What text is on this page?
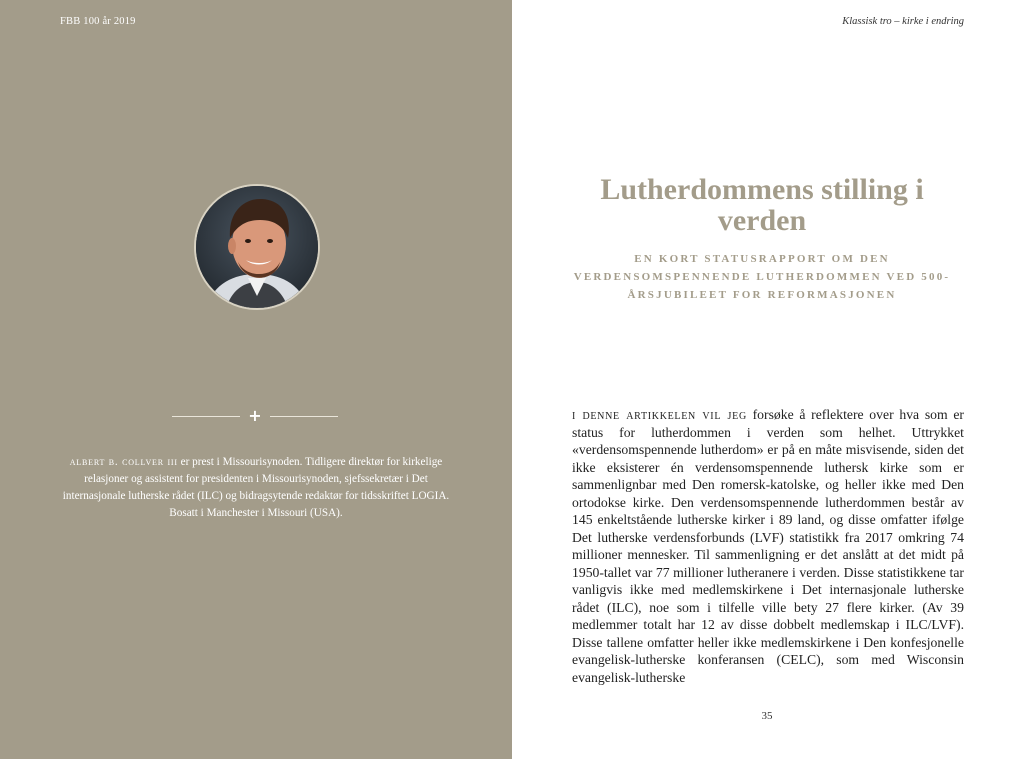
FBB 100 år 2019
+

albert b. collver iii er prest i Missourisynoden. Tidligere direktør for kirkelige relasjoner og assistent for presidenten i Missourisynoden, sjefssekretær i Det internasjonale lutherske rådet (ILC) og bidragsytende redaktør for tidsskriftet LOGIA. Bosatt i Manchester i Missouri (USA).

Klassisk tro – kirke i endring
Lutherdommens stilling i verden
EN KORT STATUSRAPPORT OM DEN VERDENSOMSPENNENDE LUTHERDOMMEN VED 500-ÅRSJUBILEET FOR REFORMASJONEN

i denne artikkelen vil jeg forsøke å reflektere over hva som er status for lutherdommen i verden som helhet. Uttrykket «verdensomspennende lutherdom» er på en måte misvisende, siden det ikke eksisterer én verdensomspennende luthersk kirke som er sammenlignbar med Den romersk-katolske, og heller ikke med Den ortodokse kirke. Den verdensomspennende lutherdommen består av 145 enkeltstående lutherske kirker i 89 land, og disse omfatter ifølge Det lutherske verdensforbunds (LVF) statistikk fra 2017 omkring 74 millioner mennesker. Til sammenligning er det anslått at det midt på 1950-tallet var 77 millioner lutheranere i verden. Disse statistikkene tar vanligvis ikke med medlemskirkene i Det internasjonale lutherske rådet (ILC), noe som i tilfelle ville bety 27 flere kirker. (Av 39 medlemmer totalt har 12 av disse dobbelt medlemskap i ILC/LVF). Disse tallene omfatter heller ikke medlemskirkene i Den konfesjonelle evangelisk-lutherske konferansen (CELC), som med Wisconsin evangelisk-lutherske

35
